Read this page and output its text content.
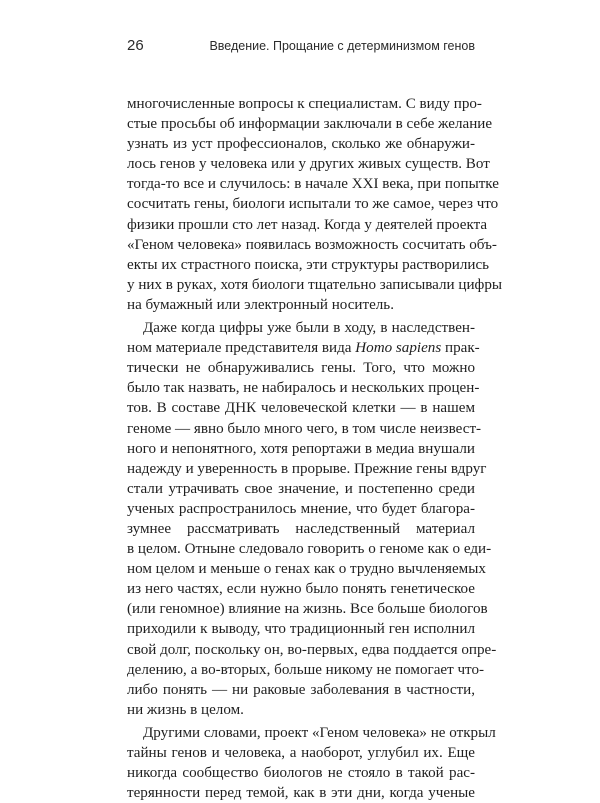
26	Введение. Прощание с детерминизмом генов
многочисленные вопросы к специалистам. С виду про-
стые просьбы об информации заключали в себе желание
узнать из уст профессионалов, сколько же обнаружи-
лось генов у человека или у других живых существ. Вот
тогда-то все и случилось: в начале XXI века, при попытке
сосчитать гены, биологи испытали то же самое, через что
физики прошли сто лет назад. Когда у деятелей проекта
«Геном человека» появилась возможность сосчитать объ-
екты их страстного поиска, эти структуры растворились
у них в руках, хотя биологи тщательно записывали цифры
на бумажный или электронный носитель.
Даже когда цифры уже были в ходу, в наследствен-
ном материале представителя вида Homo sapiens прак-
тически не обнаруживались гены. Того, что можно
было так назвать, не набиралось и нескольких процен-
тов. В составе ДНК человеческой клетки — в нашем
геноме — явно было много чего, в том числе неизвест-
ного и непонятного, хотя репортажи в медиа внушали
надежду и уверенность в прорыве. Прежние гены вдруг
стали утрачивать свое значение, и постепенно среди
ученых распространилось мнение, что будет благора-
зумнее рассматривать наследственный материал
в целом. Отныне следовало говорить о геноме как о еди-
ном целом и меньше о генах как о трудно вычленяемых
из него частях, если нужно было понять генетическое
(или геномное) влияние на жизнь. Все больше биологов
приходили к выводу, что традиционный ген исполнил
свой долг, поскольку он, во-первых, едва поддается опре-
делению, а во-вторых, больше никому не помогает что-
либо понять — ни раковые заболевания в частности,
ни жизнь в целом.
Другими словами, проект «Геном человека» не открыл
тайны генов и человека, а наоборот, углубил их. Еще
никогда сообщество биологов не стояло в такой рас-
терянности перед темой, как в эти дни, когда ученые
